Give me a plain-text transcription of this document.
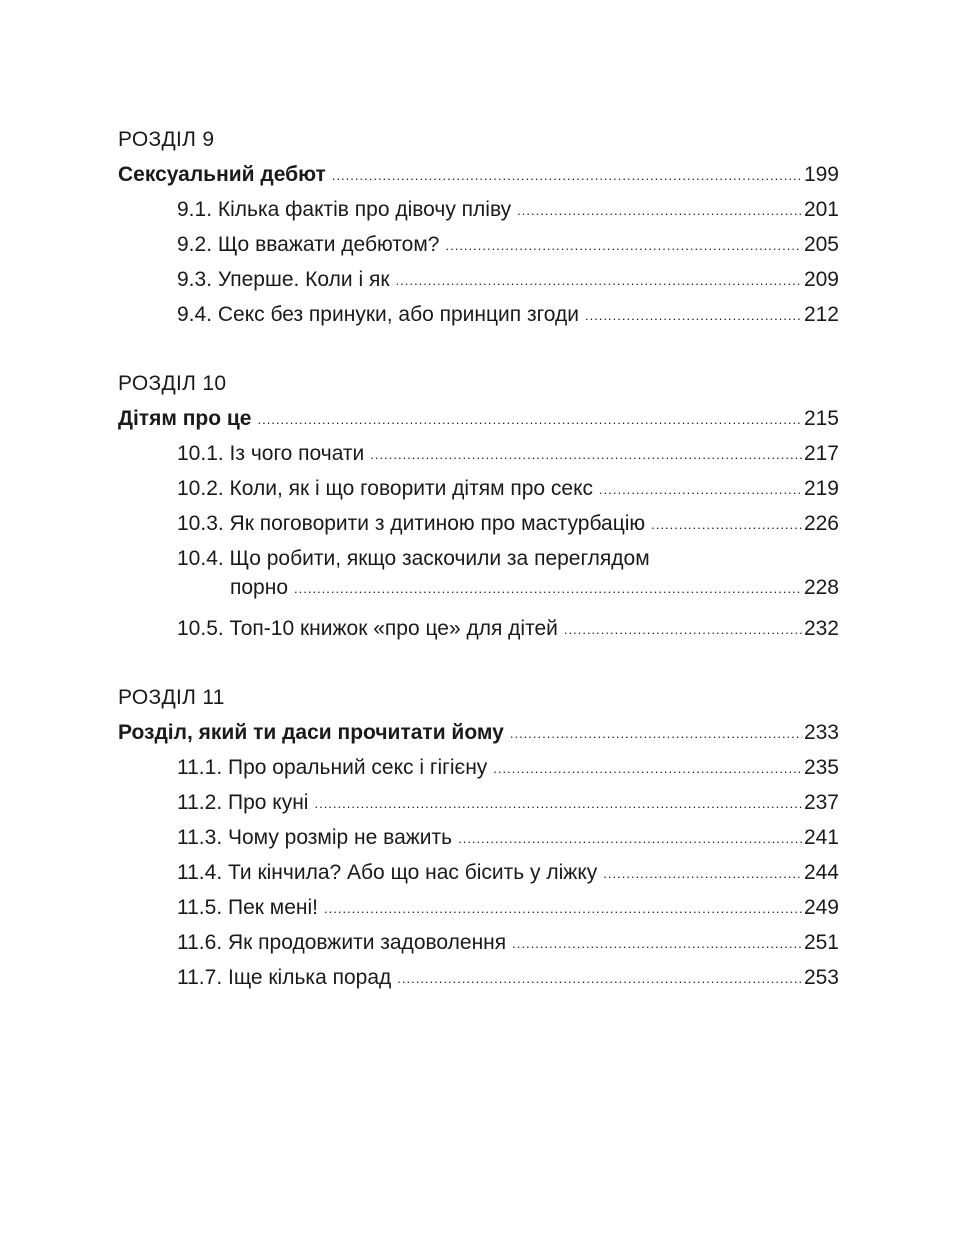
РОЗДІЛ 9
Сексуальний дебют .....	199
9.1. Кілька фактів про дівочу пліву .....	201
9.2. Що вважати дебютом? .....	205
9.3. Уперше. Коли і як .....	209
9.4. Секс без принуки, або принцип згоди .....	212
РОЗДІЛ 10
Дітям про це .....	215
10.1. Із чого почати .....	217
10.2. Коли, як і що говорити дітям про секс .....	219
10.3. Як поговорити з дитиною про мастурбацію .....	226
10.4. Що робити, якщо заскочили за переглядом
порно .....	228
10.5. Топ-10 книжок «про це» для дітей .....	232
РОЗДІЛ 11
Розділ, який ти даси прочитати йому .....	233
11.1. Про оральний секс і гігієну .....	235
11.2. Про куні .....	237
11.3. Чому розмір не важить .....	241
11.4. Ти кінчила? Або що нас бісить у ліжку .....	244
11.5. Пек мені! .....	249
11.6. Як продовжити задоволення .....	251
11.7. Іще кілька порад .....	253
